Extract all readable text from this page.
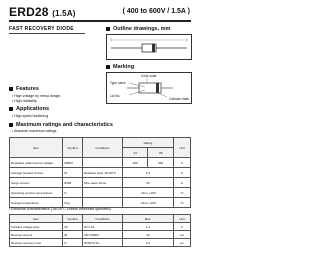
ERD28 (1.5A)	( 400 to 600V / 1.5A )
FAST RECOVERY DIODE	Outline drawings, mm
Marking
Color code
Type name
Lot No.
Cathode mark
Features
• High voltage by mesa design
• High reliability
Applications
• High speed switching
Maximum ratings and characteristics
• Absolute maximum ratings
Item	Symbol	Conditions	Rating		Unit
			04	06	
Repetitive peak reverse voltage	VRRM		400	600	V
Average forward current	IO	Resistive load, Ta=50°C	1.5		A
Surge current	IFSM	Sine wave 10ms	50		A
Operating junction temperature	Tj		-40 to +150		°C
Storage temperature	Tstg		-40 to +150		°C
• Electrical characteristics (Ta=25°C Unless otherwise specified)
Item	Symbol	Conditions	Max.	Unit
Forward voltage drop	VF	IF=1.5A	1.1	V
Reverse current	IR	VR=VRRM	10	µA
Reverse recovery time	trr	IF=IR=0.1A	0.4	µs
